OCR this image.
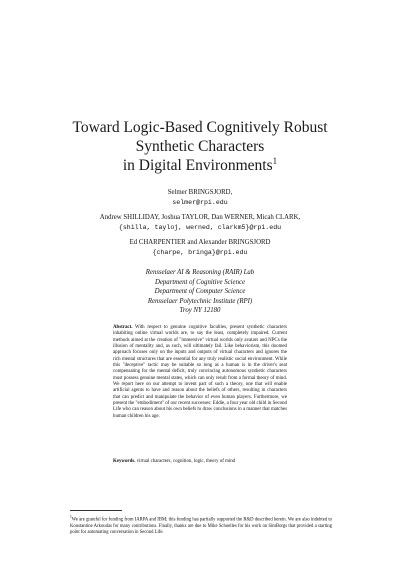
Toward Logic-Based Cognitively Robust
Synthetic Characters
in Digital Environments$^1$
Selmer BRINGSJORD,
selmer@rpi.edu
Andrew SHILLIDAY, Joshua TAYLOR, Dan WERNER, Micah CLARK,
{shilla, tayloj, werned, clarkm5}@rpi.edu
Ed CHARPENTIER and Alexander BRINGSJORD
{charpe, bringa}@rpi.edu
Rensselaer AI & Reasoning (RAIR) Lab
Department of Cognitive Science
Department of Computer Science
Rensselaer Polytechnic Institute (RPI)
Troy NY 12180
Abstract. With respect to genuine cognitive faculties, present synthetic characters inhabiting online virtual worlds are, to say the least, completely impaired. Current methods aimed at the creation of "immersive" virtual worlds only avatars and NPCs the illusion of mentality and, as such, will ultimately fail. Like behaviorism, this doomed approach focuses only on the inputs and outputs of virtual characters and ignores the rich mental structures that are essential for any truly realistic social environment. While this "deceptive" tactic may be suitable so long as a human is in the driver's seat compensating for the mental deficit, truly convincing autonomous synthetic characters must possess genuine mental states, which can only result from a formal theory of mind. We report here on our attempt to invent part of such a theory, one that will enable artificial agents to have and reason about the beliefs of others, resulting in characters that can predict and manipulate the behavior of even human players. Furthermore, we present the "embodiment" of our recent successes: Eddie, a four year old child in Second Life who can reason about his own beliefs to draw conclusions in a manner that matches human children his age.
Keywords. virtual characters, cognition, logic, theory of mind
$^1$We are grateful for funding from IARPA and IBM; this funding has partially supported the R&D described herein. We are also indebted to Konstantine Arkoudas for many contributions. Finally, thanks are due to Mike Schoelles for his work on SimBorgs that provided a starting point for automating conversation in Second Life.
